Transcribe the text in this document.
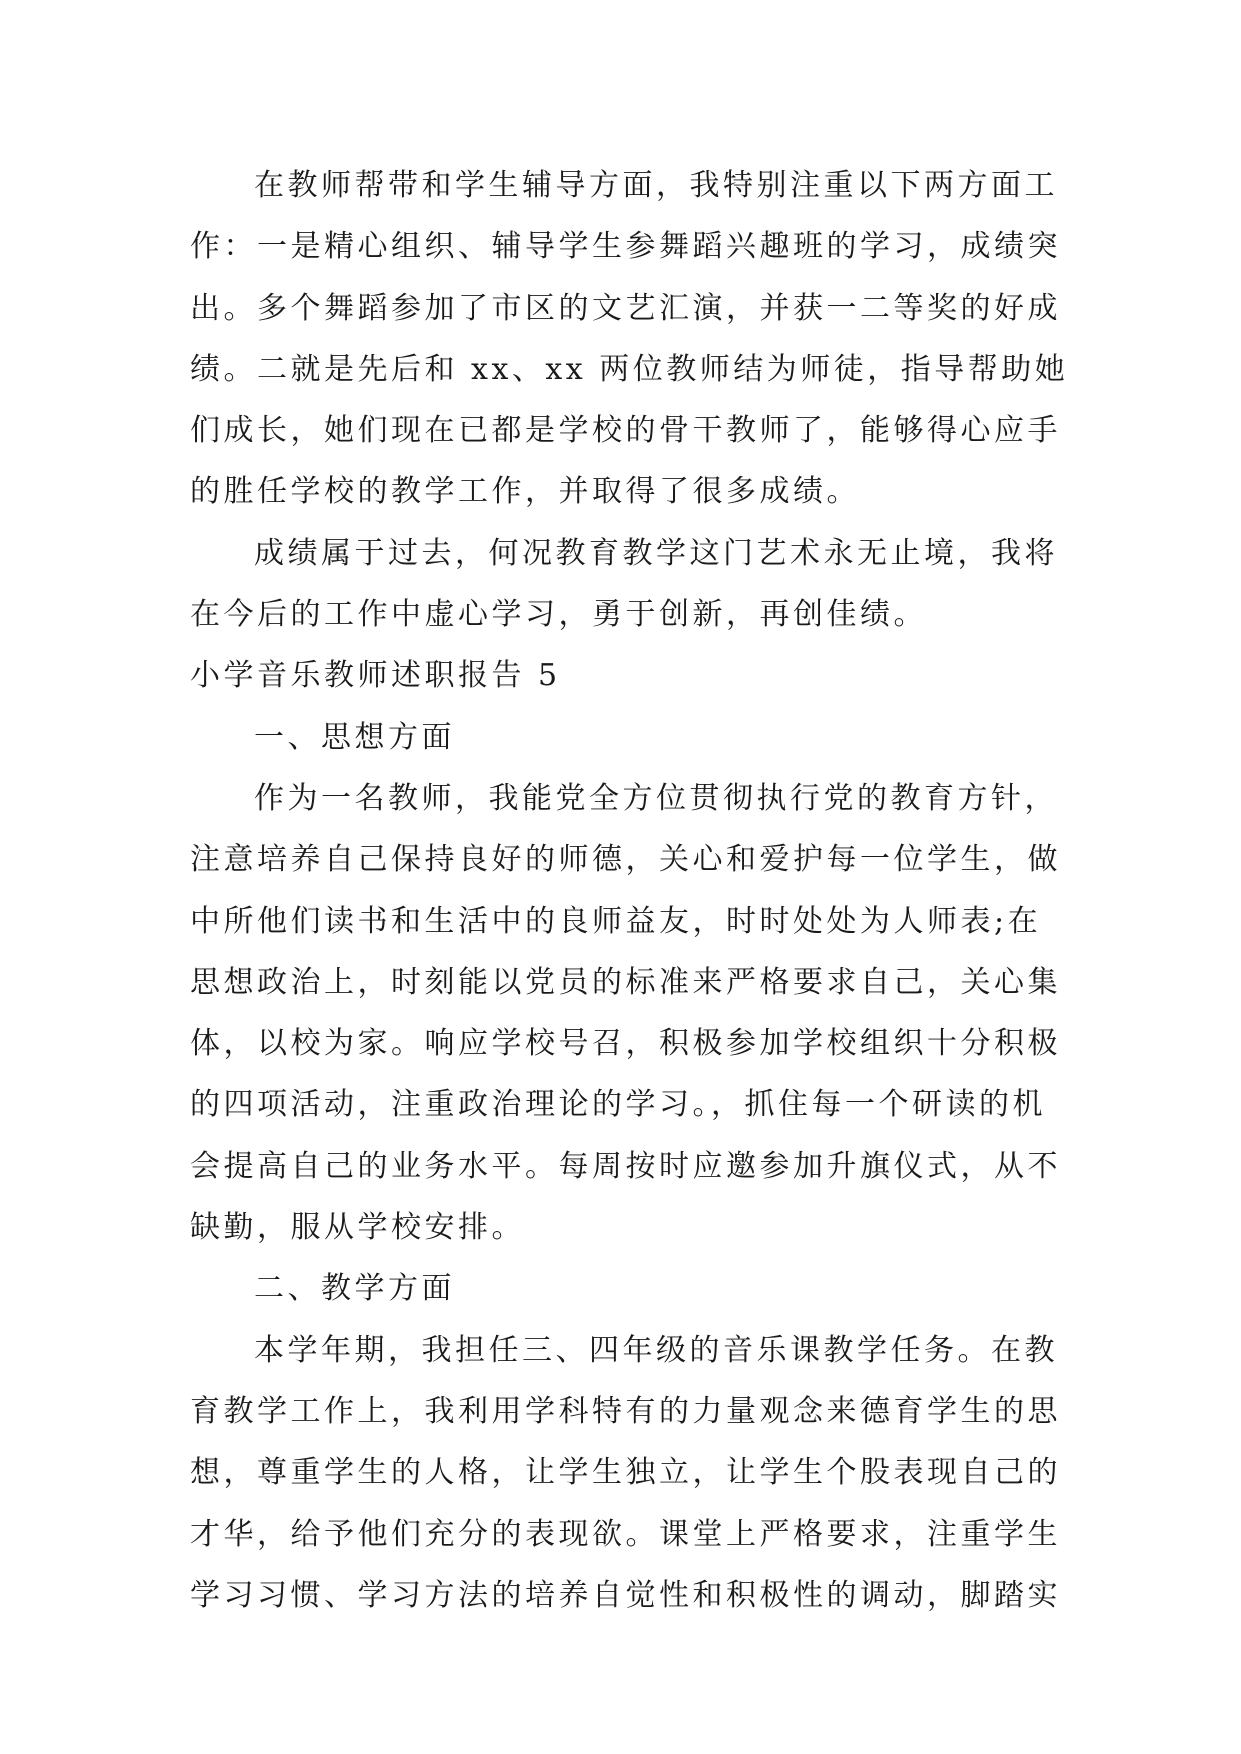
在教师帮带和学生辅导方面，我特别注重以下两方面工
作：一是精心组织、辅导学生参舞蹈兴趣班的学习，成绩突
出。多个舞蹈参加了市区的文艺汇演，并获一二等奖的好成
绩。二就是先后和 xx、xx 两位教师结为师徒，指导帮助她
们成长，她们现在已都是学校的骨干教师了，能够得心应手
的胜任学校的教学工作，并取得了很多成绩。
成绩属于过去，何况教育教学这门艺术永无止境，我将
在今后的工作中虚心学习，勇于创新，再创佳绩。
小学音乐教师述职报告 5
一、思想方面
作为一名教师，我能党全方位贯彻执行党的教育方针，
注意培养自己保持良好的师德，关心和爱护每一位学生，做
中所他们读书和生活中的良师益友，时时处处为人师表;在
思想政治上，时刻能以党员的标准来严格要求自己，关心集
体，以校为家。响应学校号召，积极参加学校组织十分积极
的四项活动，注重政治理论的学习。，抓住每一个研读的机
会提高自己的业务水平。每周按时应邀参加升旗仪式，从不
缺勤，服从学校安排。
二、教学方面
本学年期，我担任三、四年级的音乐课教学任务。在教
育教学工作上，我利用学科特有的力量观念来德育学生的思
想，尊重学生的人格，让学生独立，让学生个股表现自己的
才华，给予他们充分的表现欲。课堂上严格要求，注重学生
学习习惯、学习方法的培养自觉性和积极性的调动，脚踏实
